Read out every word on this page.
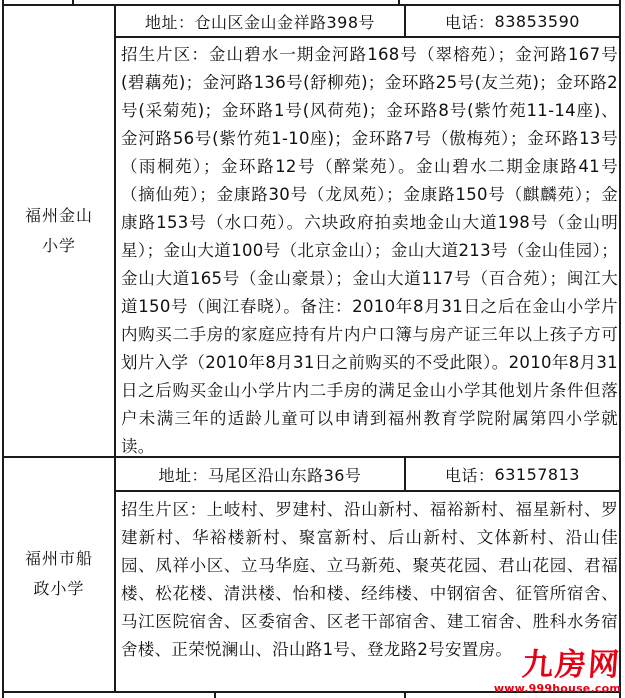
福州金山小学
地址： 仓山区金山金祥路398号	电话： 83853590
招生片区：金山碧水一期金河路168号（翠榕苑）；金河路167号(碧藕苑)；金河路136号(舒柳苑)；金环路25号(友兰苑)；金环路2号(采菊苑)；金环路1号(风荷苑)；金环路8号(紫竹苑11-14座)、金河路56号(紫竹苑1-10座)；金环路7号（傲梅苑）；金环路13号（雨桐苑）；金环路12号（醉棠苑）。金山碧水二期金康路41号（摘仙苑）；金康路30号（龙凤苑）；金康路150号（麒麟苑）；金康路153号（水口苑）。六块政府拍卖地金山大道198号（金山明星）；金山大道100号（北京金山）；金山大道213号（金山佳园）；金山大道165号（金山豪景）；金山大道117号（百合苑）；闽江大道150号（闽江春晓）。备注：2010年8月31日之后在金山小学片内购买二手房的家庭应持有片内户口簿与房产证三年以上孩子方可划片入学（2010年8月31日之前购买的不受此限）。2010年8月31日之后购买金山小学片内二手房的满足金山小学其他划片条件但落户未满三年的适龄儿童可以申请到福州教育学院附属第四小学就读。
福州市船政小学
地址： 马尾区沿山东路36号	电话： 63157813
招生片区：上岐村、罗建村、沿山新村、福裕新村、福星新村、罗建新村、华裕楼新村、聚富新村、后山新村、文体新村、沿山佳园、凤祥小区、立马华庭、立马新苑、聚英花园、君山花园、君福楼、松花楼、清洪楼、怡和楼、经纬楼、中钢宿舍、征管所宿舍、马江医院宿舍、区委宿舍、区老干部宿舍、建工宿舍、胜科水务宿舍楼、正荣悦澜山、沿山路1号、登龙路2号安置房。 九房网
www.999house.com
